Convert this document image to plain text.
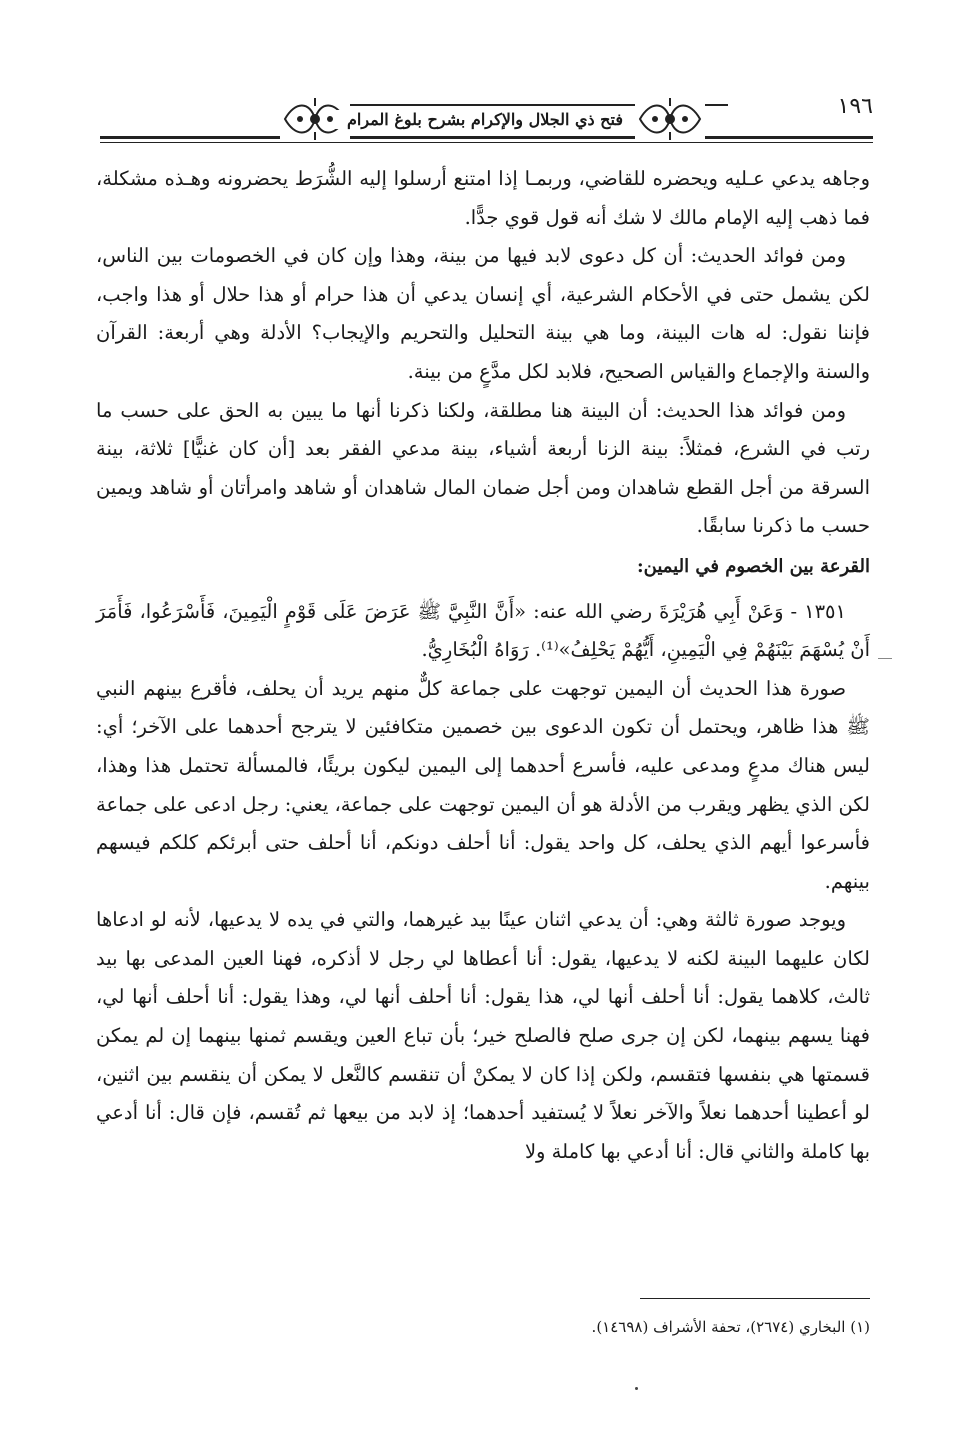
١٩٦
فتح ذي الجلال والإكرام بشرح بلوغ المرام

وجاهه يدعي عـليه ويحضره للقاضي، وربمـا إذا امتنع أرسلوا إليه الشُّرَط يحضرونه وهـذه مشكلة، فما ذهب إليه الإمام مالك لا شك أنه قول قوي جدًّا.

ومن فوائد الحديث: أن كل دعوى لابد فيها من بينة، وهذا وإن كان في الخصومات بين الناس، لكن يشمل حتى في الأحكام الشرعية، أي إنسان يدعي أن هذا حرام أو هذا حلال أو هذا واجب، فإننا نقول: له هات البينة، وما هي بينة التحليل والتحريم والإيجاب؟ الأدلة وهي أربعة: القرآن والسنة والإجماع والقياس الصحيح، فلابد لكل مدَّعٍ من بينة.

ومن فوائد هذا الحديث: أن البينة هنا مطلقة، ولكنا ذكرنا أنها ما يبين به الحق على حسب ما رتب في الشرع، فمثلاً: بينة الزنا أربعة أشياء، بينة مدعي الفقر بعد [أن كان غنيًّا] ثلاثة، بينة السرقة من أجل القطع شاهدان ومن أجل ضمان المال شاهدان أو شاهد وامرأتان أو شاهد ويمين حسب ما ذكرنا سابقًا.

القرعة بين الخصوم في اليمين:

١٣٥١ - وَعَنْ أَبِي هُرَيْرَةَ رضي الله عنه: «أَنَّ النَّبِيَّ ﷺ عَرَضَ عَلَى قَوْمٍ الْيَمِينَ، فَأَسْرَعُوا، فَأَمَرَ أَنْ يُسْهَمَ بَيْنَهُمْ فِي الْيَمِينِ، أَيُّهُمْ يَحْلِفُ»⁽¹⁾. رَوَاهُ الْبُخَارِيُّ.

صورة هذا الحديث أن اليمين توجهت على جماعة كلٌّ منهم يريد أن يحلف، فأقرع بينهم النبي ﷺ هذا ظاهر، ويحتمل أن تكون الدعوى بين خصمين متكافئين لا يترجح أحدهما على الآخر؛ أي: ليس هناك مدعٍ ومدعى عليه، فأسرع أحدهما إلى اليمين ليكون بريئًا، فالمسألة تحتمل هذا وهذا، لكن الذي يظهر ويقرب من الأدلة هو أن اليمين توجهت على جماعة، يعني: رجل ادعى على جماعة فأسرعوا أيهم الذي يحلف، كل واحد يقول: أنا أحلف دونكم، أنا أحلف حتى أبرئكم كلكم فيسهم بينهم.

ويوجد صورة ثالثة وهي: أن يدعي اثنان عينًا بيد غيرهما، والتي في يده لا يدعيها، لأنه لو ادعاها لكان عليهما البينة لكنه لا يدعيها، يقول: أنا أعطاها لي رجل لا أذكره، فهنا العين المدعى بها بيد ثالث، كلاهما يقول: أنا أحلف أنها لي، هذا يقول: أنا أحلف أنها لي، وهذا يقول: أنا أحلف أنها لي، فهنا يسهم بينهما، لكن إن جرى صلح فالصلح خير؛ بأن تباع العين ويقسم ثمنها بينهما إن لم يمكن قسمتها هي بنفسها فتقسم، ولكن إذا كان لا يمكنْ أن تنقسم كالنَّعل لا يمكن أن ينقسم بين اثنين، لو أعطينا أحدهما نعلاً والآخر نعلاً لا يُستفيد أحدهما؛ إذ لابد من بيعها ثم تُقسم، فإن قال: أنا أدعي بها كاملة والثاني قال: أنا أدعي بها كاملة ولا

(١) البخاري (٢٦٧٤)، تحفة الأشراف (١٤٦٩٨).
